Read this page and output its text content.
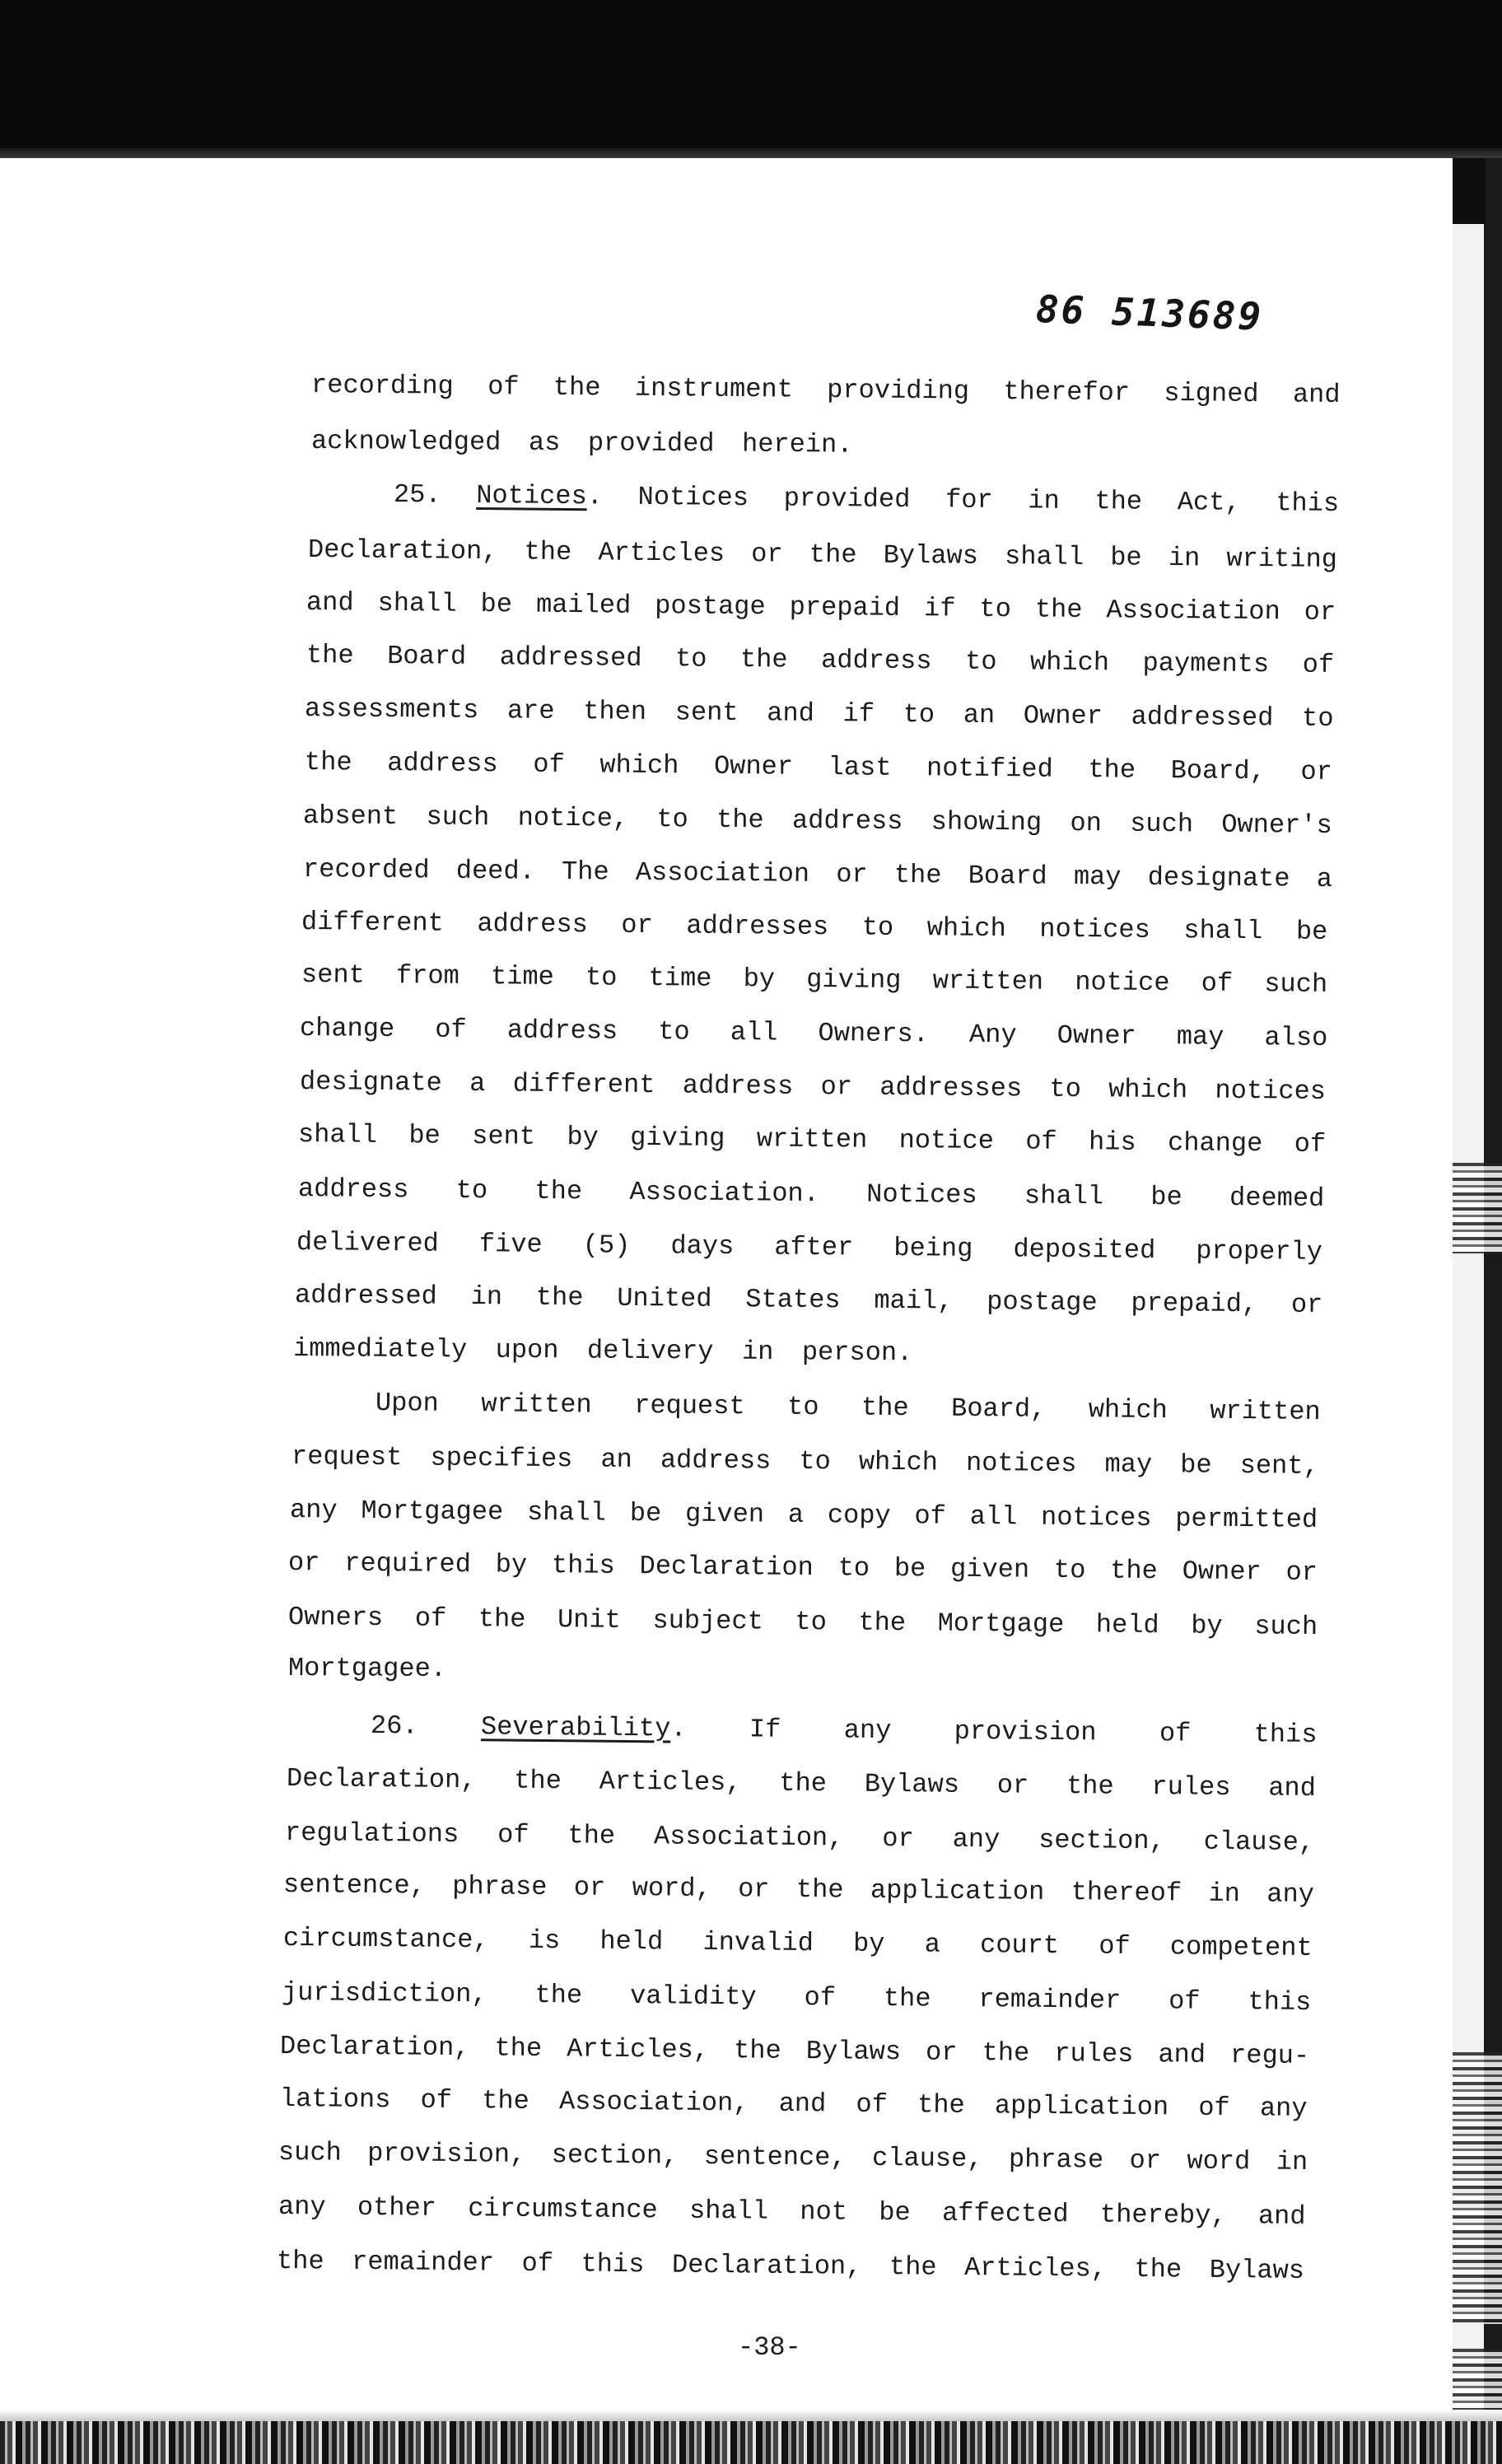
86 513689
recording of the instrument providing therefor signed and
acknowledged as provided herein.
25. Notices. Notices provided for in the Act, this
Declaration, the Articles or the Bylaws shall be in writing
and shall be mailed postage prepaid if to the Association or
the Board addressed to the address to which payments of
assessments are then sent and if to an Owner addressed to
the address of which Owner last notified the Board, or
absent such notice, to the address showing on such Owner's
recorded deed. The Association or the Board may designate a
different address or addresses to which notices shall be
sent from time to time by giving written notice of such
change of address to all Owners. Any Owner may also
designate a different address or addresses to which notices
shall be sent by giving written notice of his change of
address to the Association. Notices shall be deemed
delivered five (5) days after being deposited properly
addressed in the United States mail, postage prepaid, or
immediately upon delivery in person.
Upon written request to the Board, which written
request specifies an address to which notices may be sent,
any Mortgagee shall be given a copy of all notices permitted
or required by this Declaration to be given to the Owner or
Owners of the Unit subject to the Mortgage held by such
Mortgagee.
26. Severability. If any provision of this
Declaration, the Articles, the Bylaws or the rules and
regulations of the Association, or any section, clause,
sentence, phrase or word, or the application thereof in any
circumstance, is held invalid by a court of competent
jurisdiction, the validity of the remainder of this
Declaration, the Articles, the Bylaws or the rules and regu-
lations of the Association, and of the application of any
such provision, section, sentence, clause, phrase or word in
any other circumstance shall not be affected thereby, and
the remainder of this Declaration, the Articles, the Bylaws
-38-
